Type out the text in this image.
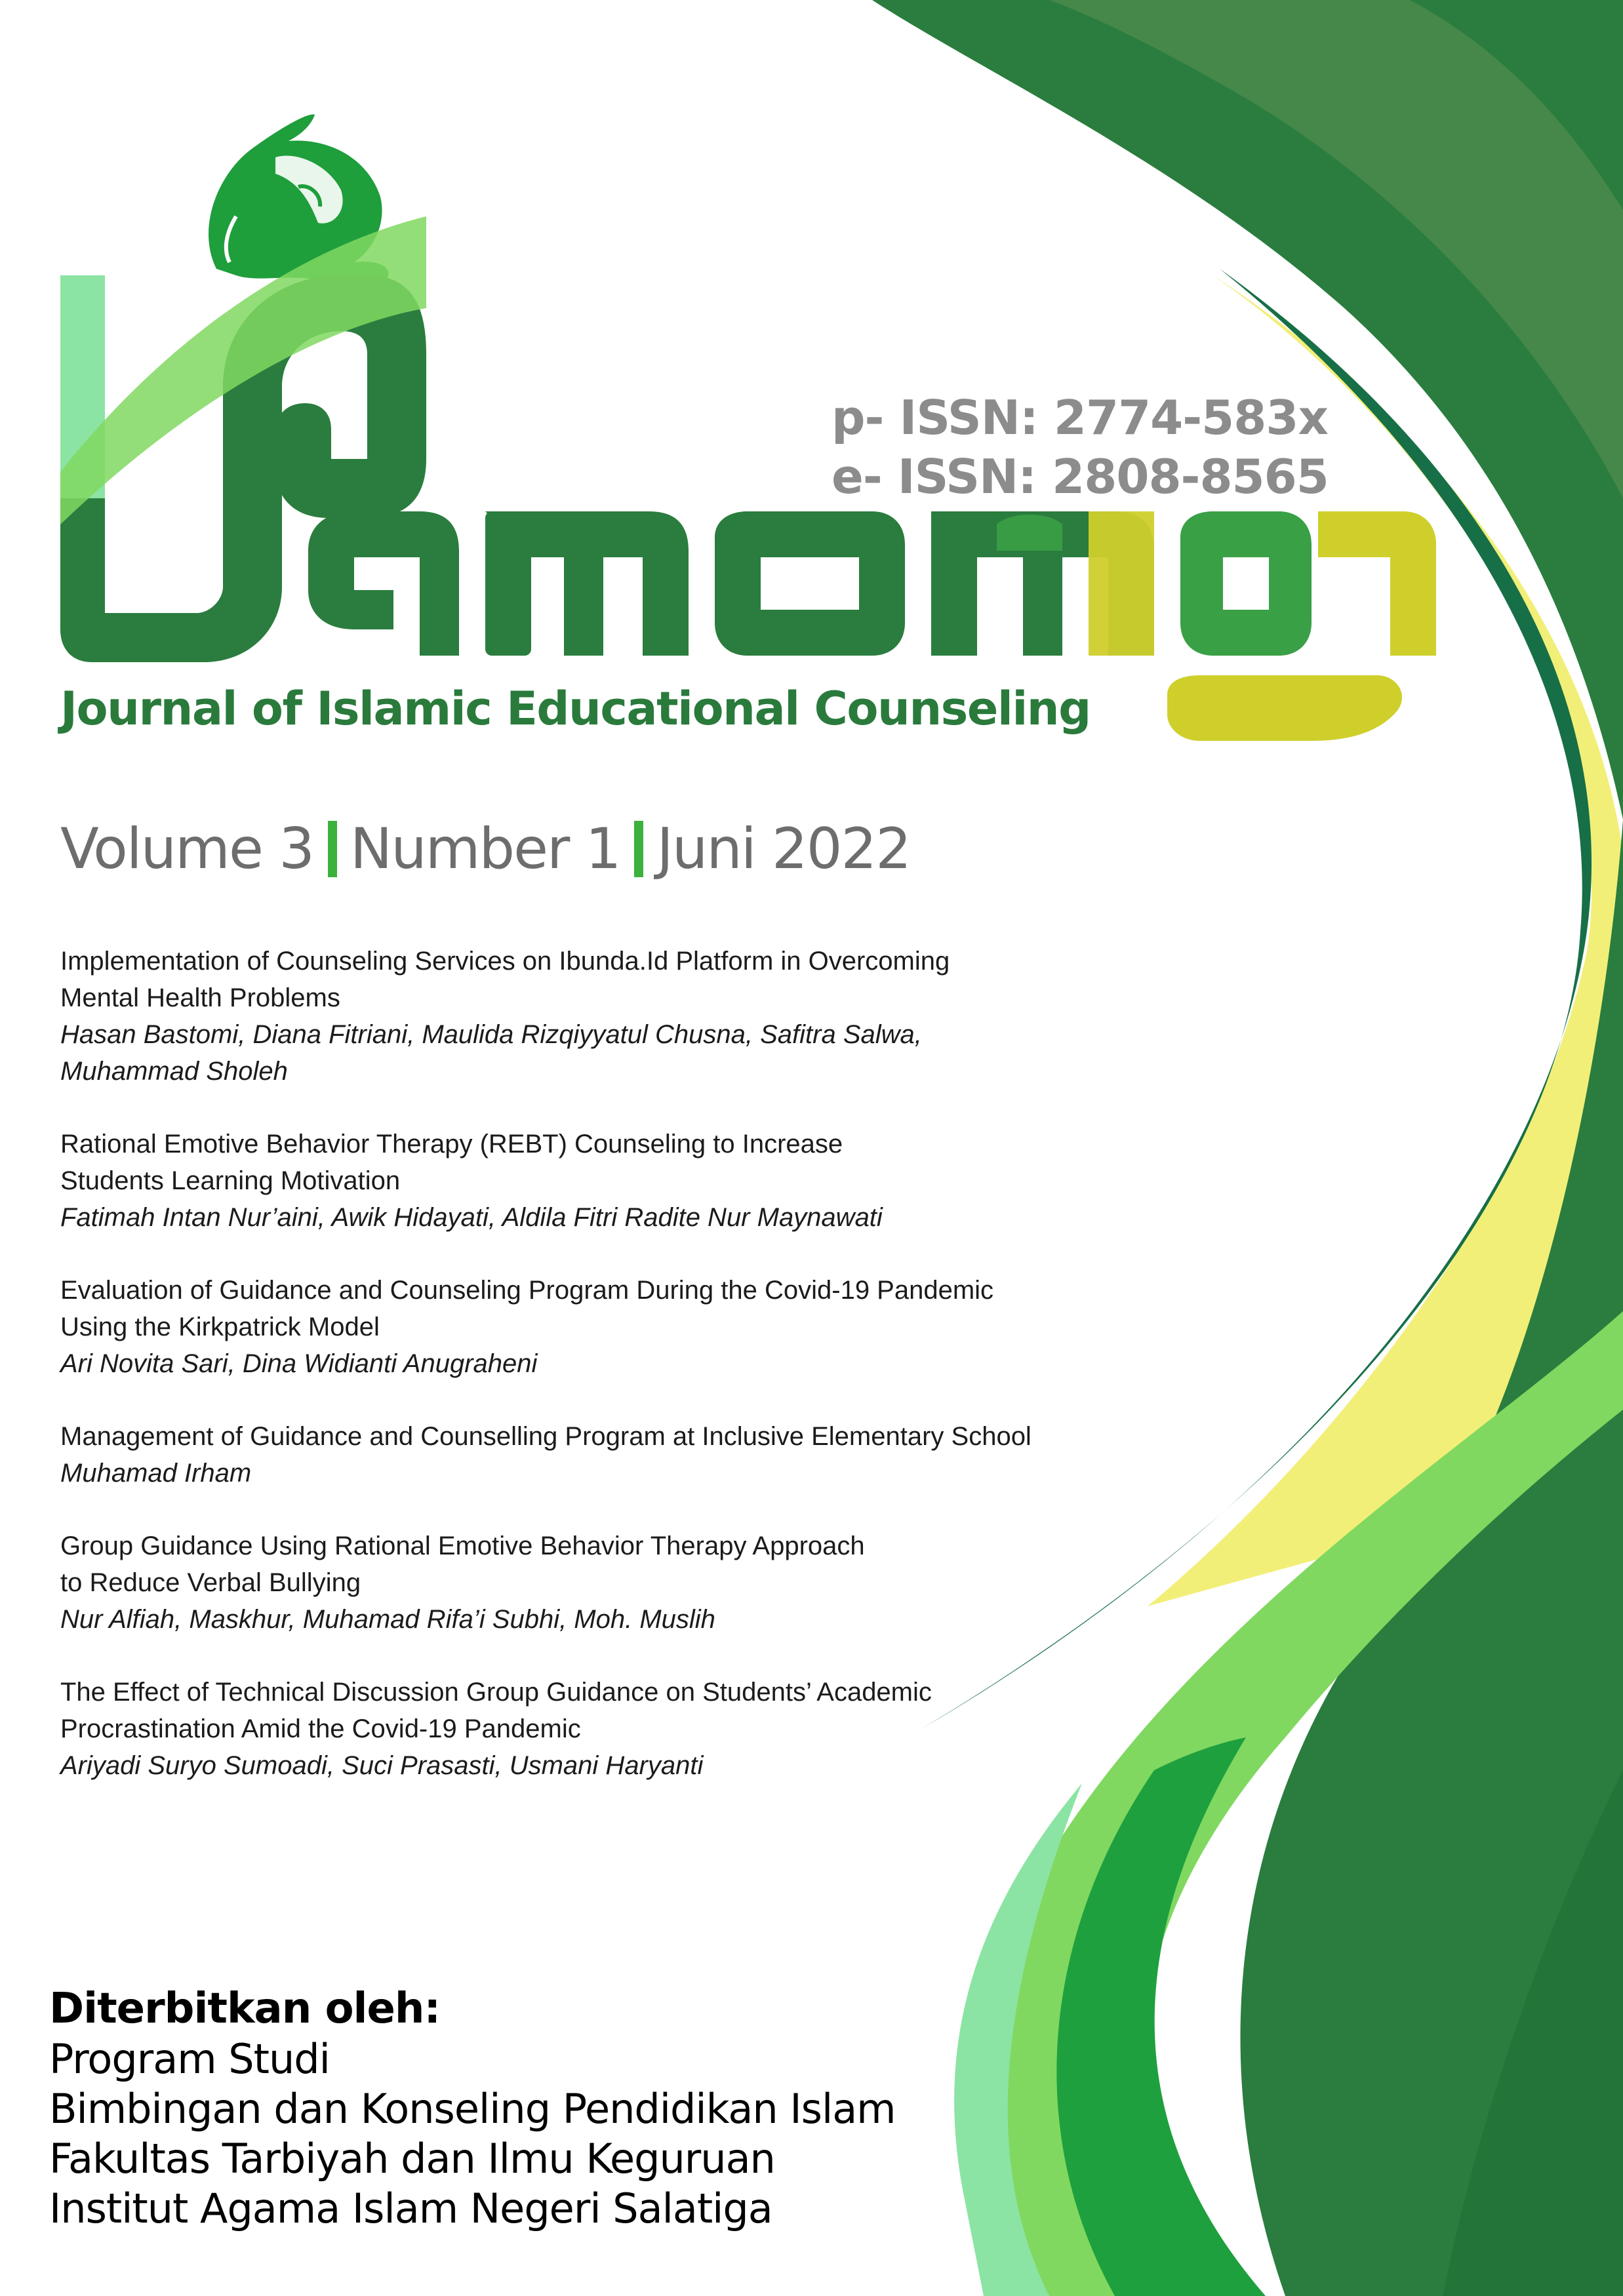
p- ISSN: 2774-583x
e- ISSN: 2808-8565
Journal of Islamic Educational Counseling
Volume 3 Number 1 Juni 2022
Implementation of Counseling Services on Ibunda.Id Platform in Overcoming
Mental Health Problems
Hasan Bastomi, Diana Fitriani, Maulida Rizqiyyatul Chusna, Safitra Salwa,
Muhammad Sholeh
Rational Emotive Behavior Therapy (REBT) Counseling to Increase
Students Learning Motivation
Fatimah Intan Nur’aini, Awik Hidayati, Aldila Fitri Radite Nur Maynawati
Evaluation of Guidance and Counseling Program During the Covid-19 Pandemic
Using the Kirkpatrick Model
Ari Novita Sari, Dina Widianti Anugraheni
Management of Guidance and Counselling Program at Inclusive Elementary School
Muhamad Irham
Group Guidance Using Rational Emotive Behavior Therapy Approach
to Reduce Verbal Bullying
Nur Alfiah, Maskhur, Muhamad Rifa’i Subhi, Moh. Muslih
The Effect of Technical Discussion Group Guidance on Students’ Academic
Procrastination Amid the Covid-19 Pandemic
Ariyadi Suryo Sumoadi, Suci Prasasti, Usmani Haryanti
Diterbitkan oleh:
Program Studi
Bimbingan dan Konseling Pendidikan Islam
Fakultas Tarbiyah dan Ilmu Keguruan
Institut Agama Islam Negeri Salatiga
